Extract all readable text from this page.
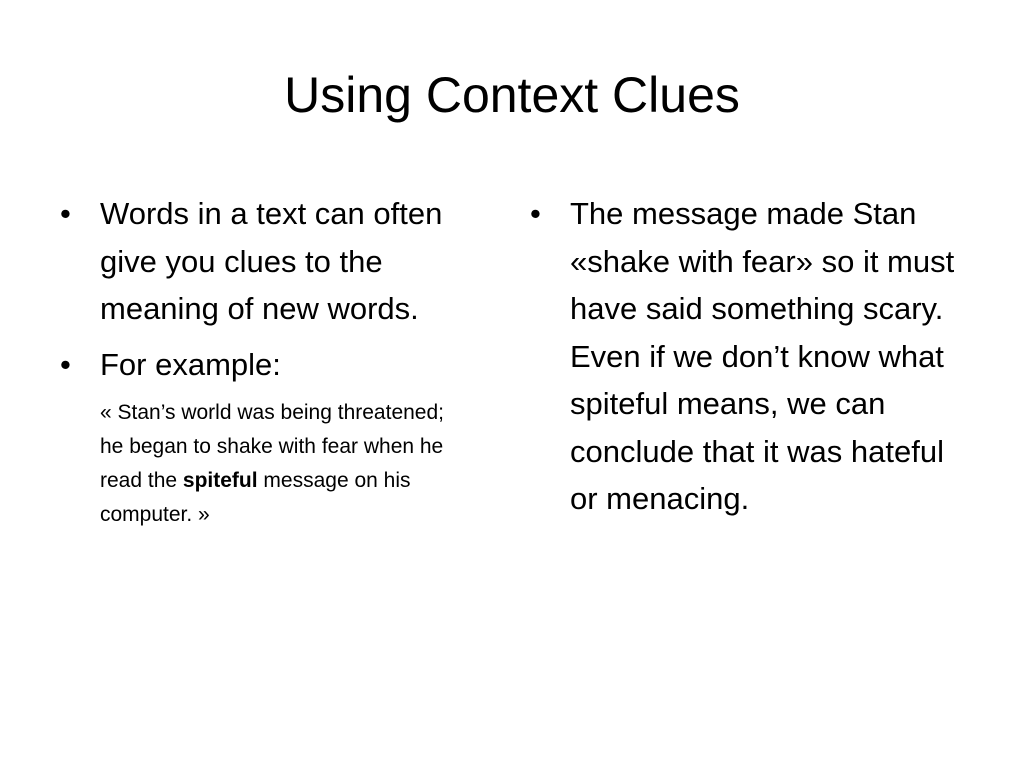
Using Context Clues
• Words in a text can often give you clues to the meaning of new words.
• For example:
« Stan’s world was being threatened; he began to shake with fear when he read the spiteful message on his computer. »
• The message made Stan «shake with fear» so it must have said something scary. Even if we don’t know what spiteful means, we can conclude that it was hateful or menacing.
